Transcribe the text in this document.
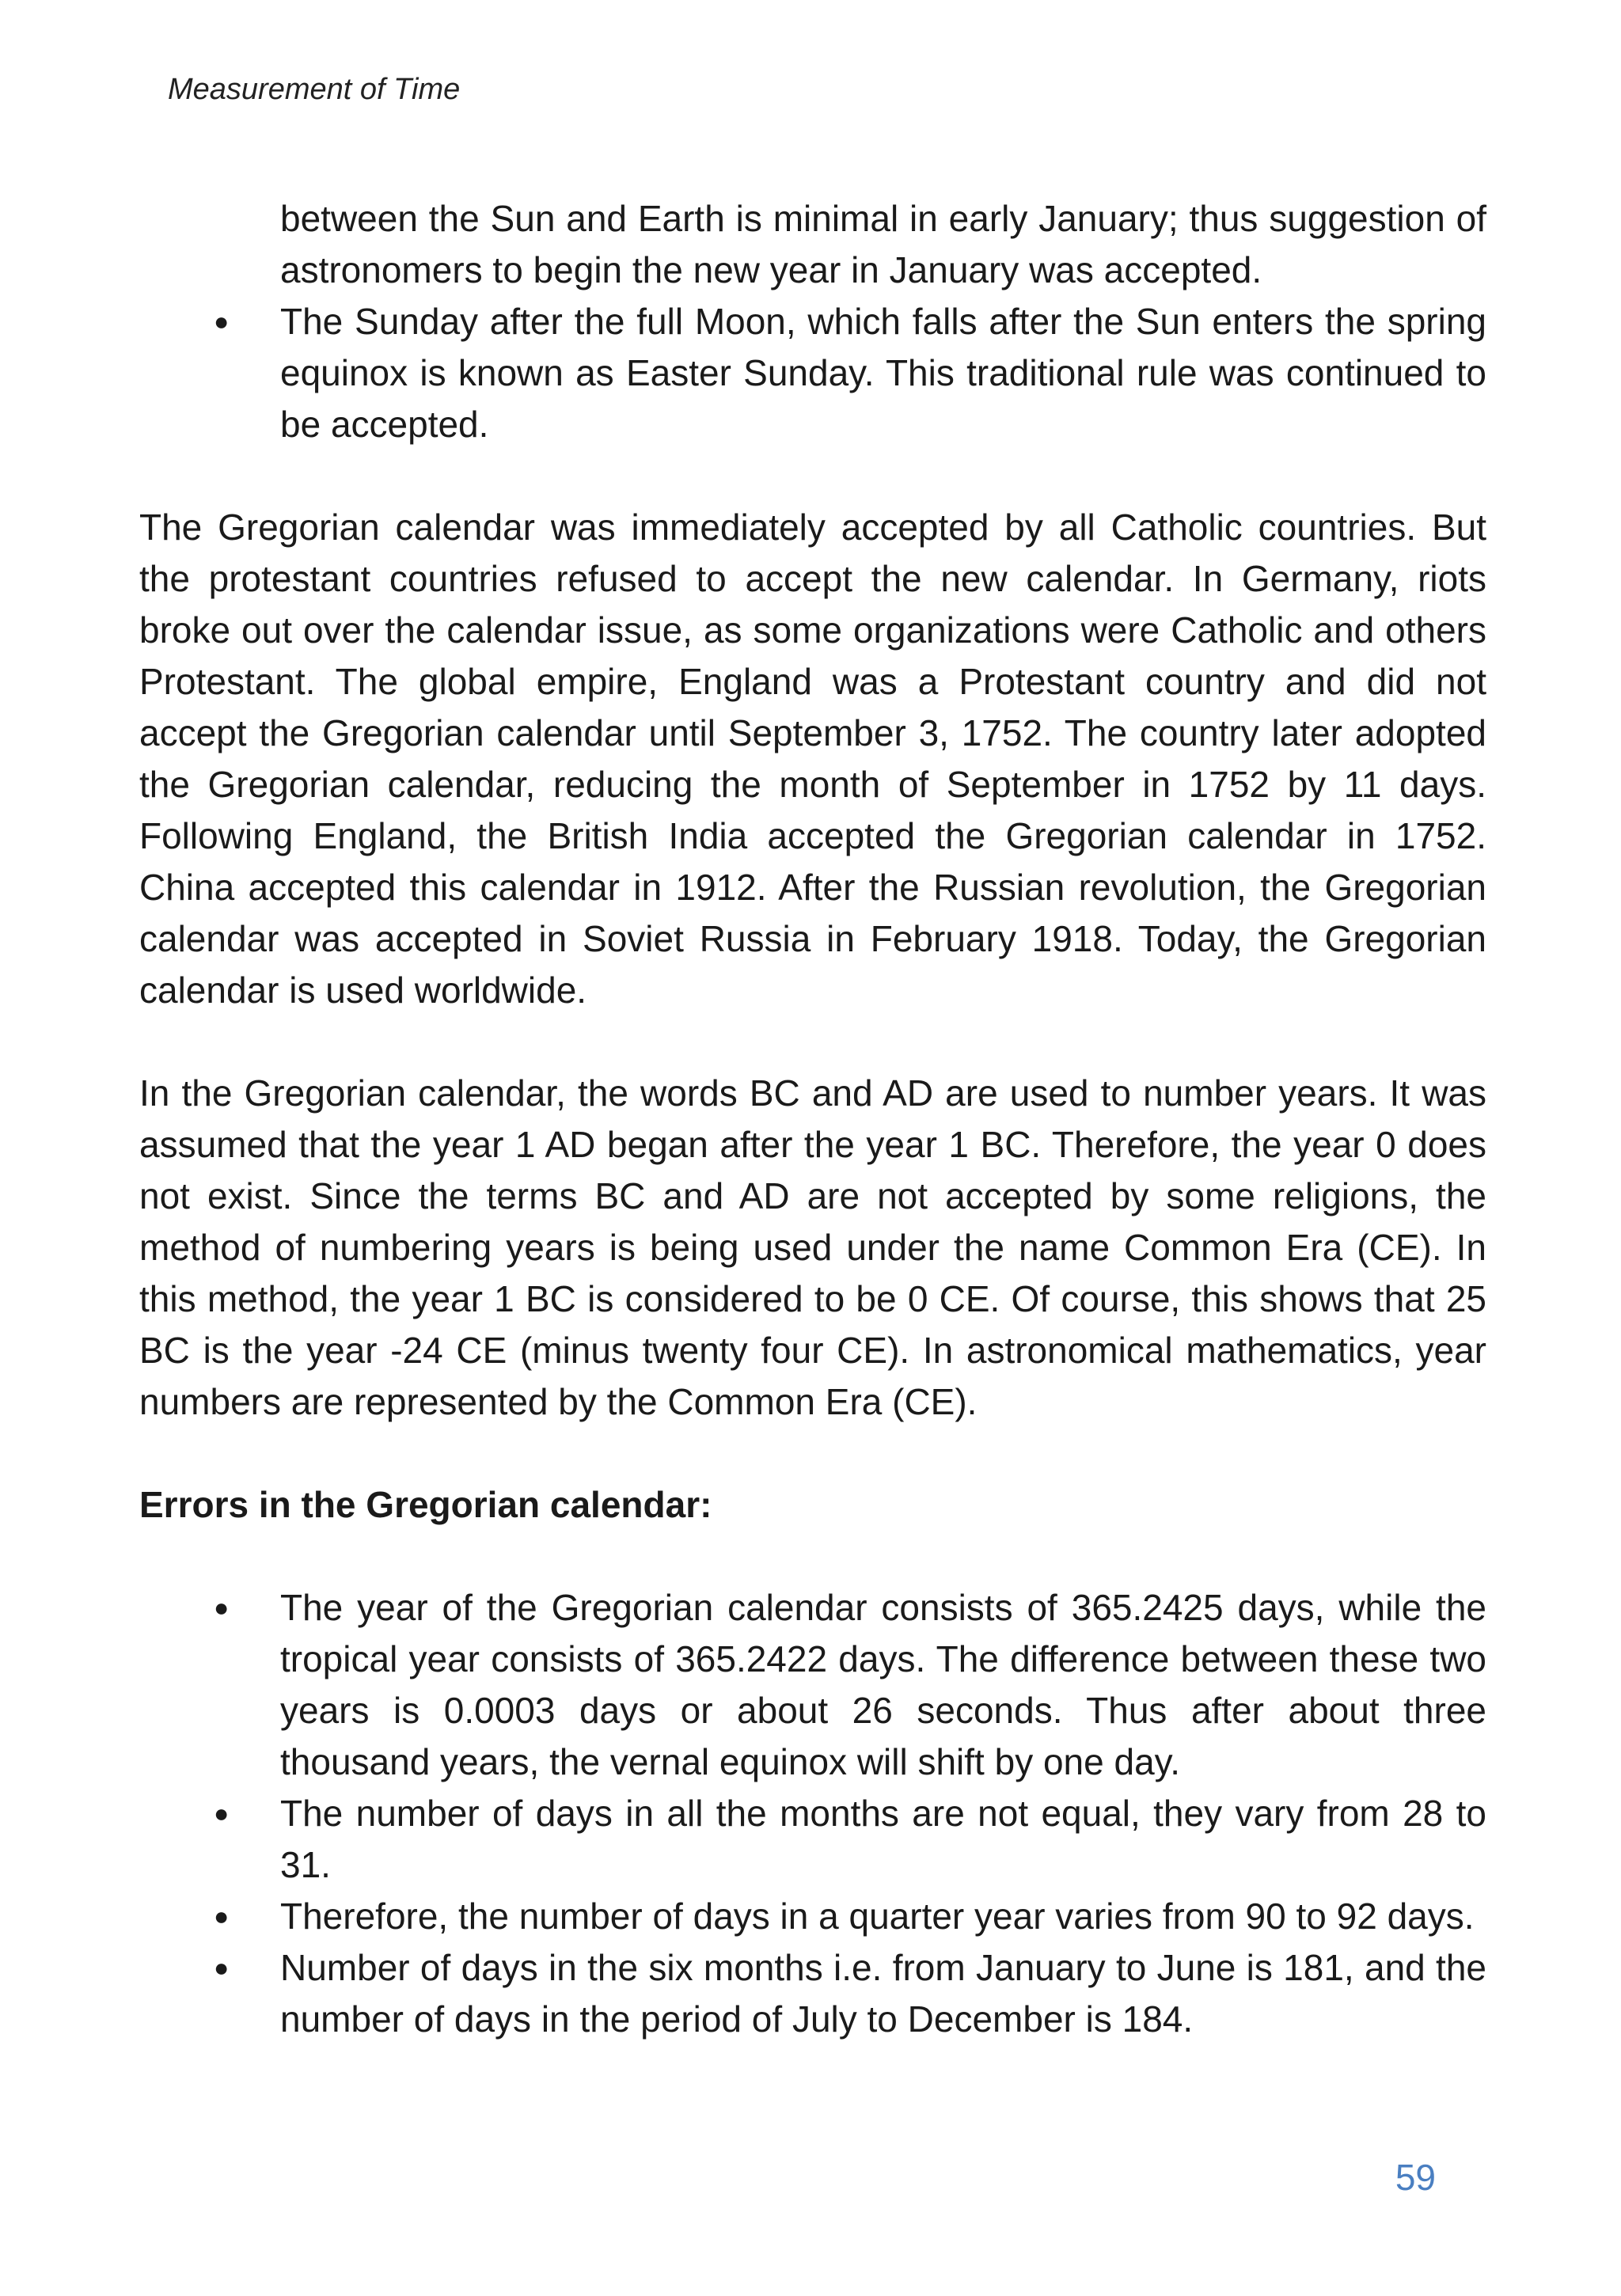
Measurement of Time
between the Sun and Earth is minimal in early January; thus suggestion of astronomers to begin the new year in January was accepted.
● The Sunday after the full Moon, which falls after the Sun enters the spring equinox is known as Easter Sunday. This traditional rule was continued to be accepted.

The Gregorian calendar was immediately accepted by all Catholic countries. But the protestant countries refused to accept the new calendar. In Germany, riots broke out over the calendar issue, as some organizations were Catholic and others Protestant. The global empire, England was a Protestant country and did not accept the Gregorian calendar until September 3, 1752. The country later adopted the Gregorian calendar, reducing the month of September in 1752 by 11 days. Following England, the British India accepted the Gregorian calendar in 1752. China accepted this calendar in 1912. After the Russian revolution, the Gregorian calendar was accepted in Soviet Russia in February 1918. Today, the Gregorian calendar is used worldwide.

In the Gregorian calendar, the words BC and AD are used to number years. It was assumed that the year 1 AD began after the year 1 BC. Therefore, the year 0 does not exist. Since the terms BC and AD are not accepted by some religions, the method of numbering years is being used under the name Common Era (CE). In this method, the year 1 BC is considered to be 0 CE. Of course, this shows that 25 BC is the year -24 CE (minus twenty four CE). In astronomical mathematics, year numbers are represented by the Common Era (CE).

Errors in the Gregorian calendar:

● The year of the Gregorian calendar consists of 365.2425 days, while the tropical year consists of 365.2422 days. The difference between these two years is 0.0003 days or about 26 seconds. Thus after about three thousand years, the vernal equinox will shift by one day.
● The number of days in all the months are not equal, they vary from 28 to 31.
● Therefore, the number of days in a quarter year varies from 90 to 92 days.
● Number of days in the six months i.e. from January to June is 181, and the number of days in the period of July to December is 184.
59
